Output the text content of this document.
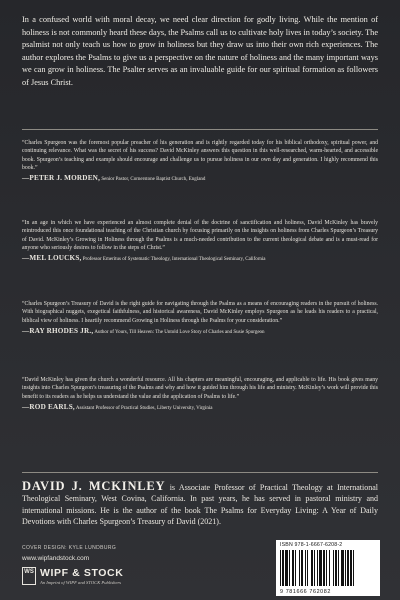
In a confused world with moral decay, we need clear direction for godly living. While the mention of holiness is not commonly heard these days, the Psalms call us to cultivate holy lives in today’s society. The psalmist not only teach us how to grow in holiness but they draw us into their own rich experiences. The author explores the Psalms to give us a perspective on the nature of holiness and the many important ways we can grow in holiness. The Psalter serves as an invaluable guide for our spiritual formation as followers of Jesus Christ.

“Charles Spurgeon was the foremost popular preacher of his generation and is rightly regarded today for his biblical orthodoxy, spiritual power, and continuing relevance. What was the secret of his success? David McKinley answers this question in this well-researched, warm-hearted, and accessible book. Spurgeon’s teaching and example should encourage and challenge us to pursue holiness in our own day and generation. I highly recommend this book.”

—PETER J. MORDEN, Senior Pastor, Cornerstone Baptist Church, England

“In an age in which we have experienced an almost complete denial of the doctrine of sanctification and holiness, David McKinley has bravely reintroduced this once foundational teaching of the Christian church by focusing primarily on the insights on holiness from Charles Spurgeon’s Treasury of David. McKinley’s Growing in Holiness through the Psalms is a much-needed contribution to the current theological debate and is a must-read for anyone who seriously desires to follow in the steps of Christ.”

—MEL LOUCKS, Professor Emeritus of Systematic Theology, International Theological Seminary, California

“Charles Spurgeon’s Treasury of David is the right guide for navigating through the Psalms as a means of encouraging readers in the pursuit of holiness. With biographical nuggets, exegetical faithfulness, and historical awareness, David McKinley employs Spurgeon as he leads his readers to a practical, biblical view of holiness. I heartily recommend Growing in Holiness through the Psalms for your consideration.”

—RAY RHODES JR., Author of Yours, Till Heaven: The Untold Love Story of Charles and Susie Spurgeon

“David McKinley has given the church a wonderful resource. All his chapters are meaningful, encouraging, and applicable to life. His book gives many insights into Charles Spurgeon’s treasuring of the Psalms and why and how it guided him through his life and ministry. McKinley’s work will provide this benefit to its readers as he helps us understand the value and the application of Psalms to life.”

—ROD EARLS, Assistant Professor of Practical Studies, Liberty University, Virginia

DAVID J. MCKINLEY is Associate Professor of Practical Theology at International Theological Seminary, West Covina, California. In past years, he has served in pastoral ministry and international missions. He is the author of the book The Psalms for Everyday Living: A Year of Daily Devotions with Charles Spurgeon’s Treasury of David (2021).
COVER DESIGN: KYLE LUNDBURG
www.wipfandstock.com
WS WIPF & STOCK
An Imprint of WIPF and STOCK Publishers
ISBN 978-1-6667-6208-2
9 781666 762082
